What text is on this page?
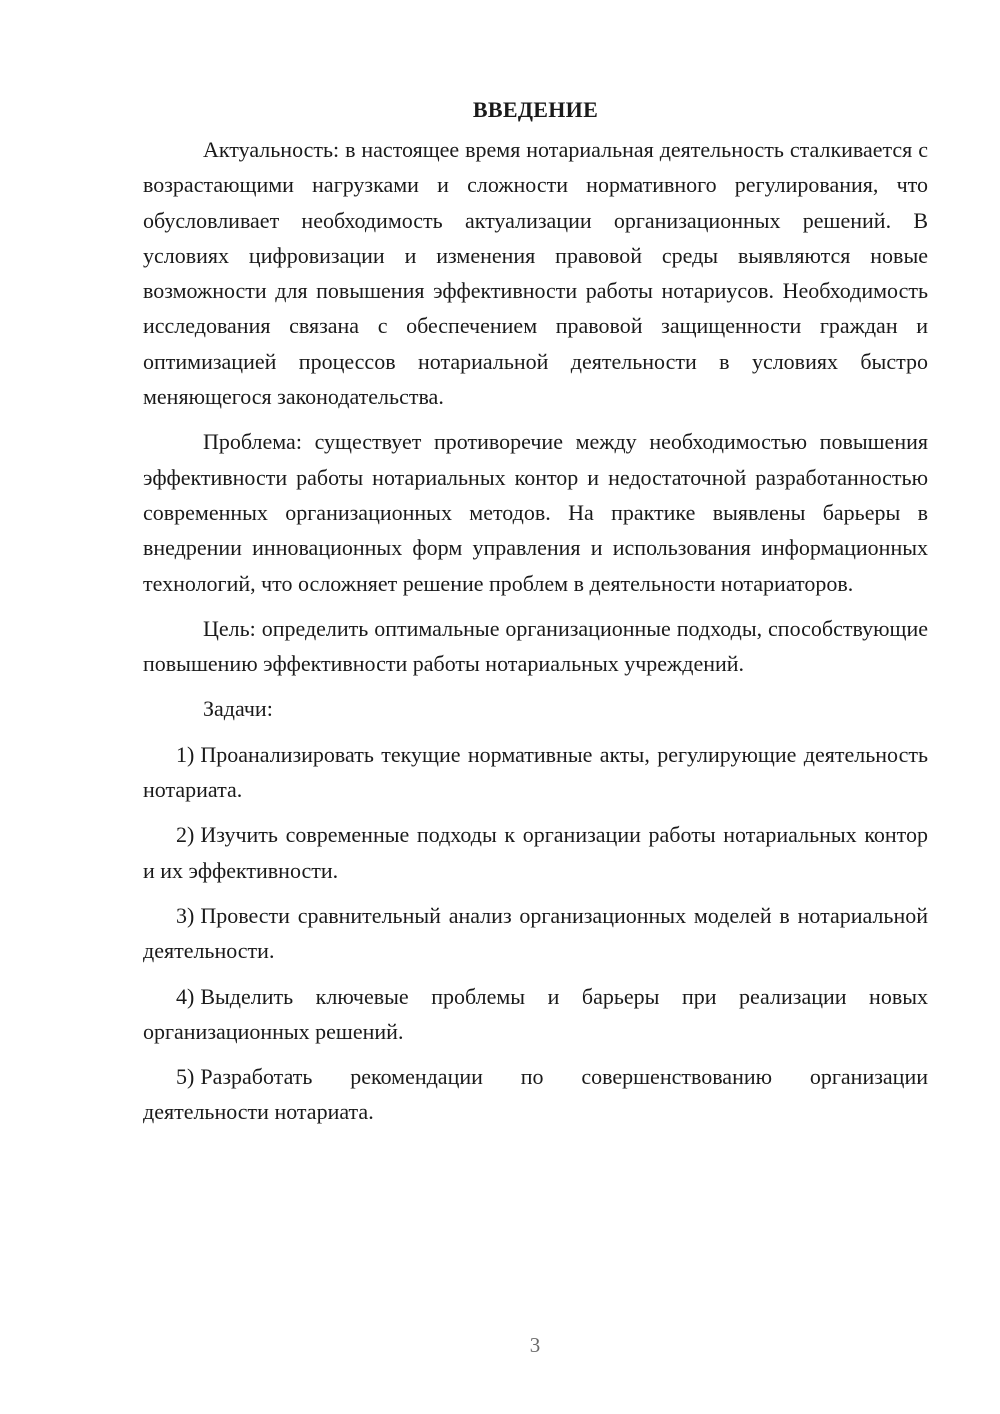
ВВЕДЕНИЕ

Актуальность: в настоящее время нотариальная деятельность сталкивается с возрастающими нагрузками и сложности нормативного регулирования, что обусловливает необходимость актуализации организационных решений. В условиях цифровизации и изменения правовой среды выявляются новые возможности для повышения эффективности работы нотариусов. Необходимость исследования связана с обеспечением правовой защищенности граждан и оптимизацией процессов нотариальной деятельности в условиях быстро меняющегося законодательства.

Проблема: существует противоречие между необходимостью повышения эффективности работы нотариальных контор и недостаточной разработанностью современных организационных методов. На практике выявлены барьеры в внедрении инновационных форм управления и использования информационных технологий, что осложняет решение проблем в деятельности нотариаторов.

Цель: определить оптимальные организационные подходы, способствующие повышению эффективности работы нотариальных учреждений.

Задачи:

1) Проанализировать текущие нормативные акты, регулирующие деятельность нотариата.

2) Изучить современные подходы к организации работы нотариальных контор и их эффективности.

3) Провести сравнительный анализ организационных моделей в нотариальной деятельности.

4) Выделить ключевые проблемы и барьеры при реализации новых организационных решений.

5) Разработать рекомендации по совершенствованию организации деятельности нотариата.

3
